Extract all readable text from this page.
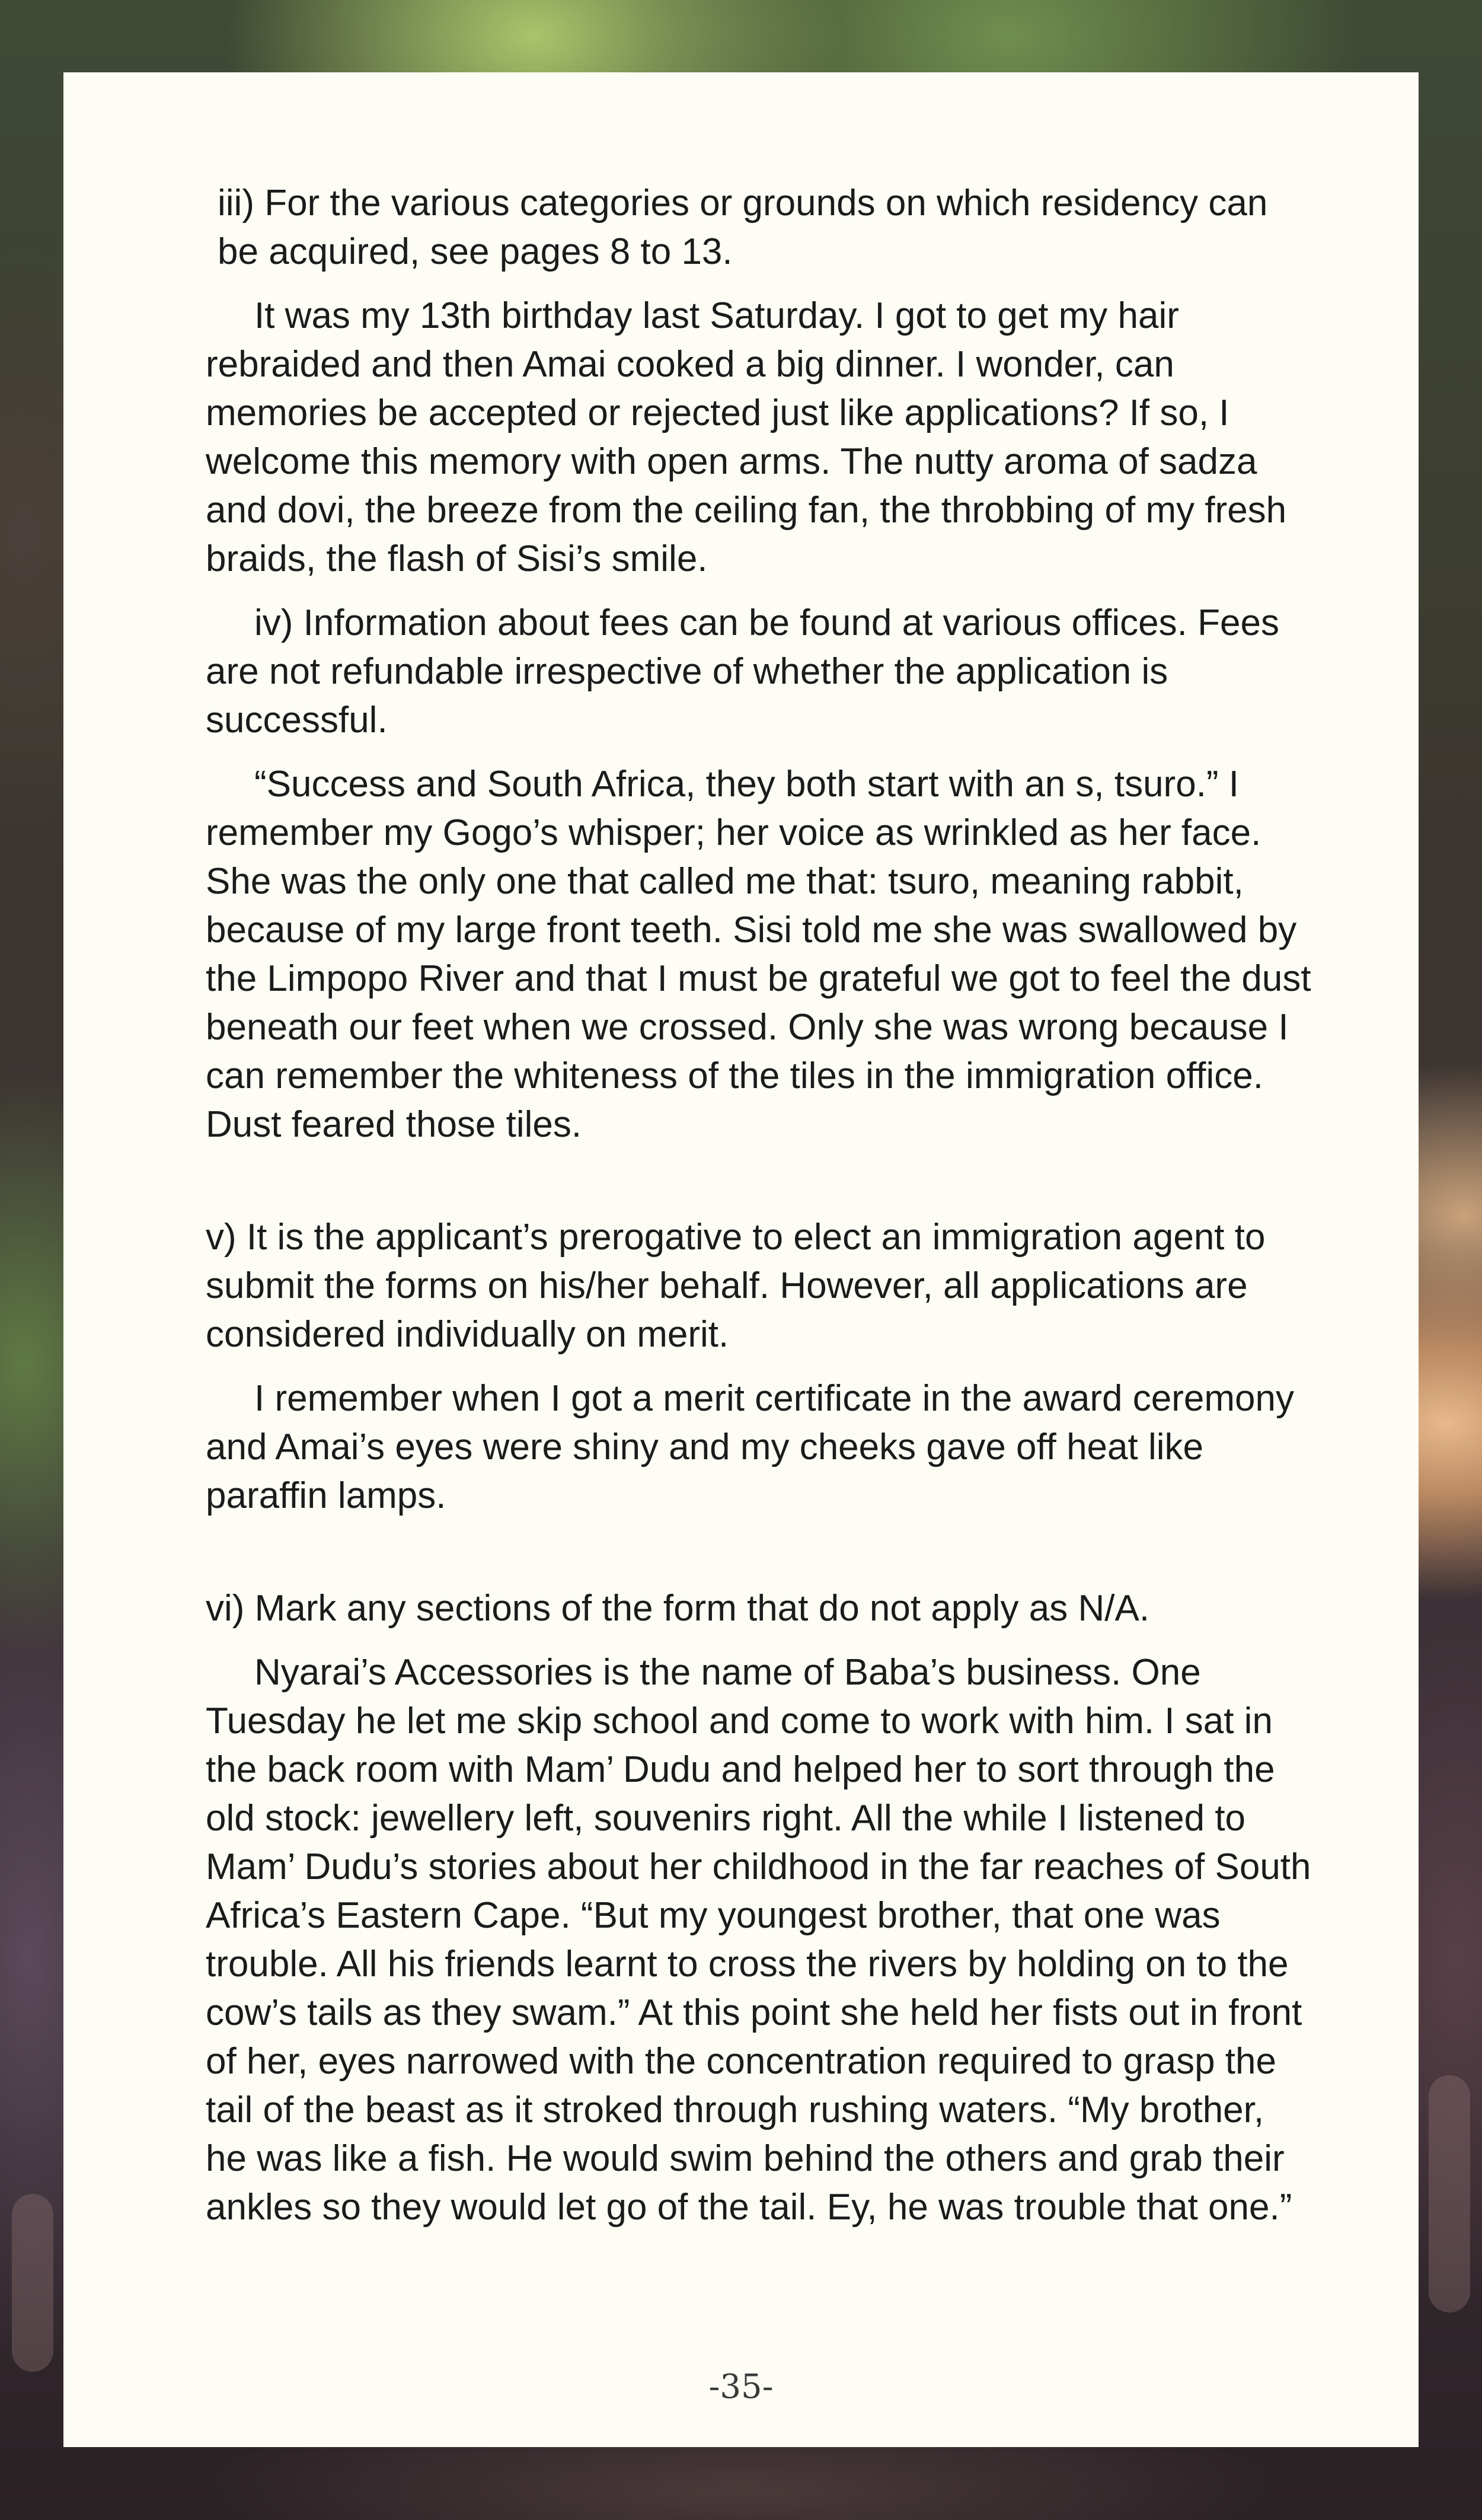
iii) For the various categories or grounds on which residency can be acquired, see pages 8 to 13.

It was my 13th birthday last Saturday. I got to get my hair rebraided and then Amai cooked a big dinner. I wonder, can memories be accepted or rejected just like applications? If so, I welcome this memory with open arms. The nutty aroma of sadza and dovi, the breeze from the ceiling fan, the throbbing of my fresh braids, the flash of Sisi’s smile.

iv) Information about fees can be found at various offices. Fees are not refundable irrespective of whether the application is successful.

“Success and South Africa, they both start with an s, tsuro.” I remember my Gogo’s whisper; her voice as wrinkled as her face. She was the only one that called me that: tsuro, meaning rabbit, because of my large front teeth. Sisi told me she was swallowed by the Limpopo River and that I must be grateful we got to feel the dust beneath our feet when we crossed. Only she was wrong because I can remember the whiteness of the tiles in the immigration office. Dust feared those tiles.

v) It is the applicant’s prerogative to elect an immigration agent to submit the forms on his/her behalf. However, all applications are considered individually on merit.

I remember when I got a merit certificate in the award ceremony and Amai’s eyes were shiny and my cheeks gave off heat like paraffin lamps.

vi) Mark any sections of the form that do not apply as N/A.

Nyarai’s Accessories is the name of Baba’s business. One Tuesday he let me skip school and come to work with him. I sat in the back room with Mam’ Dudu and helped her to sort through the old stock: jewellery left, souvenirs right. All the while I listened to Mam’ Dudu’s stories about her childhood in the far reaches of South Africa’s Eastern Cape. “But my youngest brother, that one was trouble. All his friends learnt to cross the rivers by holding on to the cow’s tails as they swam.” At this point she held her fists out in front of her, eyes narrowed with the concentration required to grasp the tail of the beast as it stroked through rushing waters. “My brother, he was like a fish. He would swim behind the others and grab their ankles so they would let go of the tail. Ey, he was trouble that one.”

-35-
